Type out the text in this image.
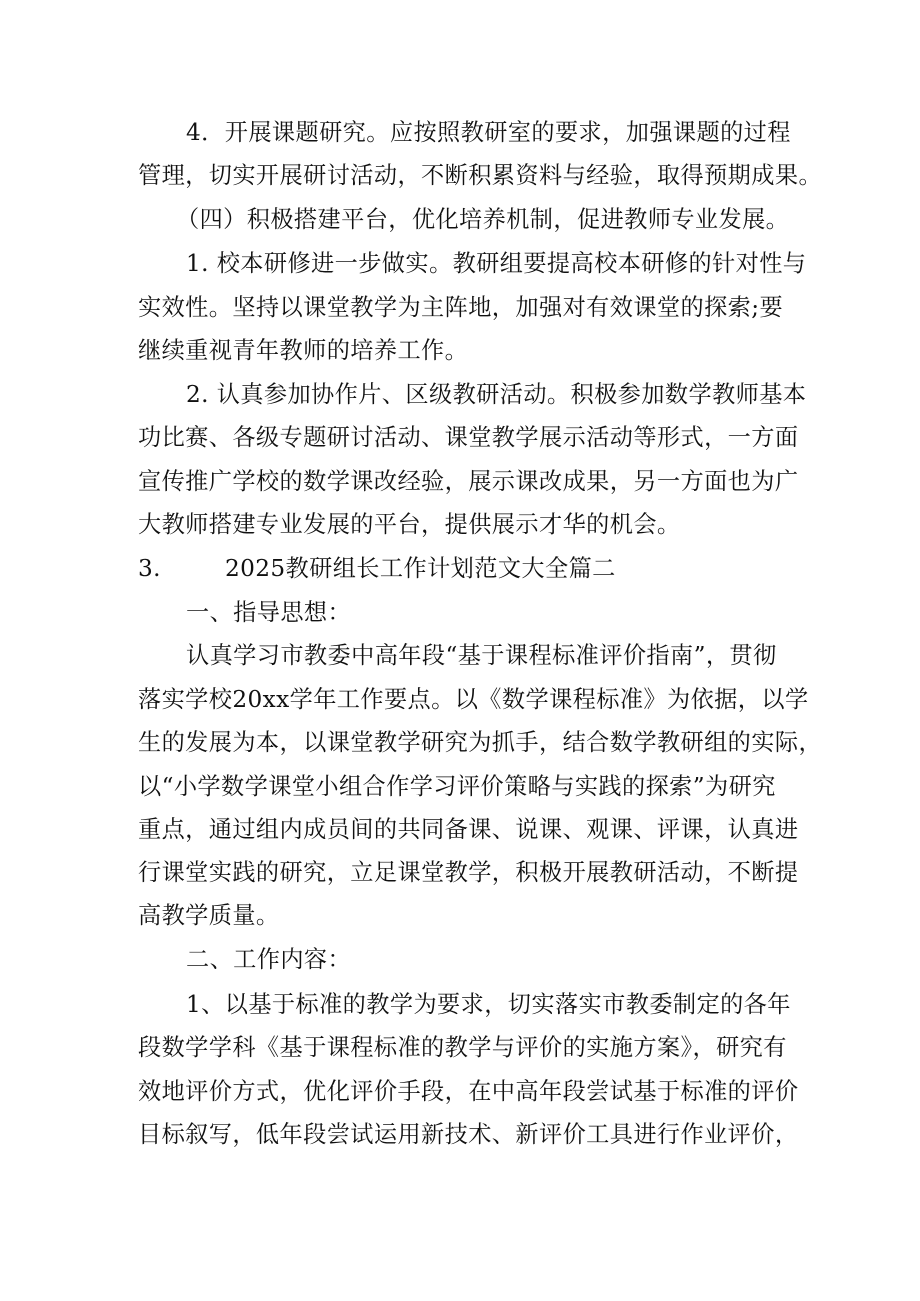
4．开展课题研究。应按照教研室的要求，加强课题的过程
管理，切实开展研讨活动，不断积累资料与经验，取得预期成果。
（四）积极搭建平台，优化培养机制，促进教师专业发展。
1. 校本研修进一步做实。教研组要提高校本研修的针对性与
实效性。坚持以课堂教学为主阵地，加强对有效课堂的探索;要
继续重视青年教师的培养工作。
2. 认真参加协作片、区级教研活动。积极参加数学教师基本
功比赛、各级专题研讨活动、课堂教学展示活动等形式，一方面
宣传推广学校的数学课改经验，展示课改成果，另一方面也为广
大教师搭建专业发展的平台，提供展示才华的机会。
3.	2025教研组长工作计划范文大全篇二
一、指导思想：
认真学习市教委中高年段“基于课程标准评价指南”，贯彻
落实学校20xx学年工作要点。以《数学课程标准》为依据，以学
生的发展为本，以课堂教学研究为抓手，结合数学教研组的实际，
以“小学数学课堂小组合作学习评价策略与实践的探索”为研究
重点，通过组内成员间的共同备课、说课、观课、评课，认真进
行课堂实践的研究，立足课堂教学，积极开展教研活动，不断提
高教学质量。
二、工作内容：
1、以基于标准的教学为要求，切实落实市教委制定的各年
段数学学科《基于课程标准的教学与评价的实施方案》，研究有
效地评价方式，优化评价手段，在中高年段尝试基于标准的评价
目标叙写，低年段尝试运用新技术、新评价工具进行作业评价，
